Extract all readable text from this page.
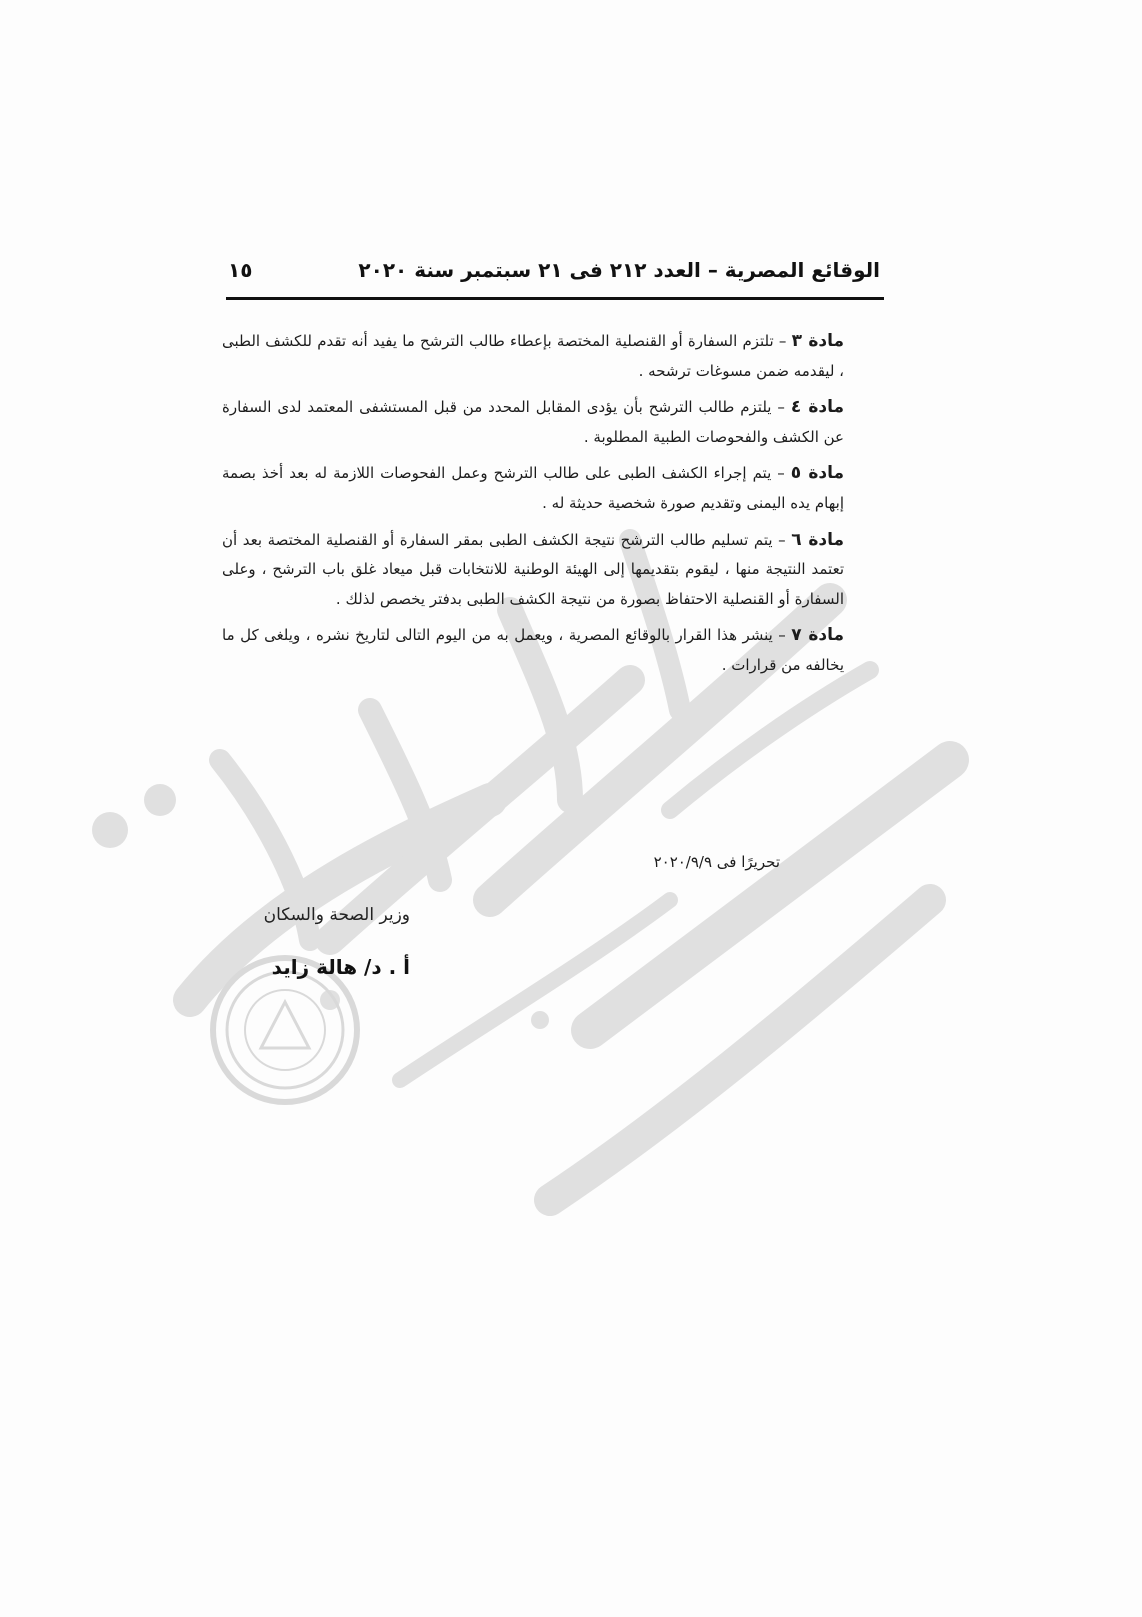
الوقائع المصرية – العدد ٢١٢ فى ٢١ سبتمبر سنة ٢٠٢٠
١٥

مادة ٣ – تلتزم السفارة أو القنصلية المختصة بإعطاء طالب الترشح ما يفيد أنه تقدم للكشف الطبى ، ليقدمه ضمن مسوغات ترشحه .

مادة ٤ – يلتزم طالب الترشح بأن يؤدى المقابل المحدد من قبل المستشفى المعتمد لدى السفارة عن الكشف والفحوصات الطبية المطلوبة .

مادة ٥ – يتم إجراء الكشف الطبى على طالب الترشح وعمل الفحوصات اللازمة له بعد أخذ بصمة إبهام يده اليمنى وتقديم صورة شخصية حديثة له .

مادة ٦ – يتم تسليم طالب الترشح نتيجة الكشف الطبى بمقر السفارة أو القنصلية المختصة بعد أن تعتمد النتيجة منها ، ليقوم بتقديمها إلى الهيئة الوطنية للانتخابات قبل ميعاد غلق باب الترشح ، وعلى السفارة أو القنصلية الاحتفاظ بصورة من نتيجة الكشف الطبى بدفتر يخصص لذلك .

مادة ٧ – ينشر هذا القرار بالوقائع المصرية ، ويعمل به من اليوم التالى لتاريخ نشره ، ويلغى كل ما يخالفه من قرارات .

تحريرًا فى ٢٠٢٠/٩/٩
وزير الصحة والسكان
أ . د/ هالة زايد
